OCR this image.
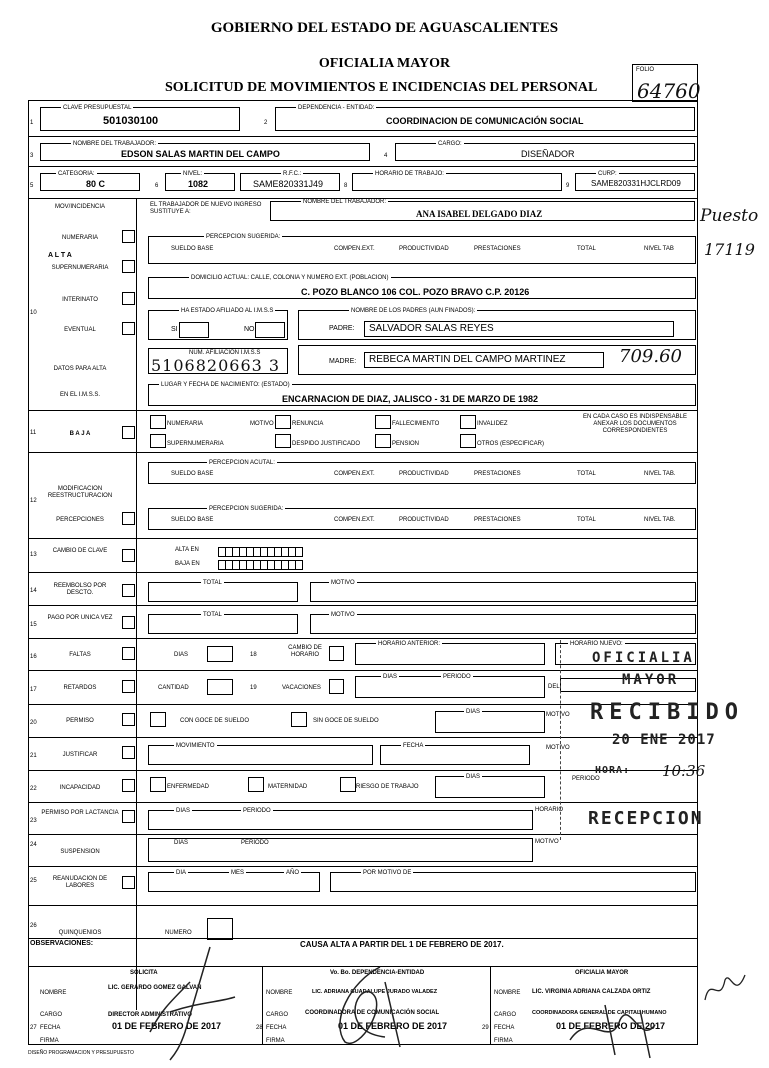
GOBIERNO DEL ESTADO DE AGUASCALIENTES
OFICIALIA MAYOR
SOLICITUD DE MOVIMIENTOS E INCIDENCIAS DEL PERSONAL
FOLIO
64760
1
CLAVE PRESUPUESTAL
501030100	2
DEPENDENCIA - ENTIDAD:
COORDINACION DE COMUNICACIÓN SOCIAL
3
NOMBRE DEL TRABAJADOR:
EDSON SALAS MARTIN DEL CAMPO	4
CARGO:
DISEÑADOR
5
CATEGORIA:
80 C	6
NIVEL:
1082
R.F.C.:
SAME820331J49	8
HORARIO DE TRABAJO:
9
CURP:
SAME820331HJCLRD09
MOV/INCIDENCIA	EL TRABAJADOR DE NUEVO INGRESO SUSTITUYE A:
NOMBRE DEL TRABAJADOR:
ANA ISABEL DELGADO DIAZ	Puesto
17119
NUMERARIA
A L T A
SUPERNUMERARIA
INTERINATO
10
EVENTUAL
DATOS PARA ALTA
EN EL I.M.S.S.
PERCEPCION SUGERIDA:
SUELDO BASE	COMPEN.EXT.	PRODUCTIVIDAD	PRESTACIONES	TOTAL	NIVEL TAB
DOMICILIO ACTUAL: CALLE, COLONIA Y NUMERO EXT. (POBLACION)
C. POZO BLANCO 106 COL. POZO BRAVO C.P. 20126
HA ESTADO AFILIADO AL I.M.S.S
SI	NO
NOMBRE DE LOS PADRES (AUN FINADOS):
PADRE:	SALVADOR SALAS REYES
NUM. AFILIACION I.M.S.S
5106820663 3	MADRE:	REBECA MARTIN DEL CAMPO MARTINEZ	709.60
LUGAR Y FECHA DE NACIMIENTO: (ESTADO)
ENCARNACION DE DIAZ, JALISCO - 31 DE MARZO DE 1982
11	B A J A
NUMERARIA	MOTIVO	RENUNCIA	FALLECIMIENTO	INVALIDEZ
EN CADA CASO ES INDISPENSABLE ANEXAR LOS DOCUMENTOS CORRESPONDIENTES
SUPERNUMERARIA	DESPIDO JUSTIFICADO	PENSION	OTROS (ESPECIFICAR)
PERCEPCION ACUTAL:
SUELDO BASE	COMPEN.EXT.	PRODUCTIVIDAD	PRESTACIONES	TOTAL	NIVEL TAB.
MODIFICACION REESTRUCTURACION
12
PERCEPCIONES
PERCEPCION SUGERIDA:
SUELDO BASE	COMPEN.EXT.	PRODUCTIVIDAD	PRESTACIONES	TOTAL	NIVEL TAB.
13
CAMBIO DE CLAVE	ALTA EN
BAJA EN
14
REEMBOLSO POR DESCTO.
TOTAL	MOTIVO
15
PAGO POR UNICA VEZ	TOTAL	MOTIVO
16	FALTAS	DIAS	18
CAMBIO DE HORARIO
HORARIO ANTERIOR:	HORARIO NUEVO:
17	RETARDOS	CANTIDAD	19	VACACIONES
DIAS	PERIODO
DEL
20	PERMISO	CON GOCE DE SUELDO	SIN GOCE DE SUELDO
DIAS	MOTIVO
21	JUSTIFICAR
MOVIMIENTO	FECHA	MOTIVO
22	INCAPACIDAD	ENFERMEDAD	MATERNIDAD	RIESGO DE TRABAJO
DIAS	PERIODO
23
PERMISO POR LACTANCIA	DIAS	PERIODO	HORARIO
24
SUSPENSION
DIAS	PERIODO	MOTIVO
25	REANUDACION DE LABORES
DIA	MES	AÑO	POR MOTIVO DE
26
QUINQUENIOS	NUMERO
OBSERVACIONES:	CAUSA ALTA A PARTIR DEL 1 DE FEBRERO DE 2017.
SOLICITA	Vo. Bo. DEPENDENCIA-ENTIDAD	OFICIALIA MAYOR
NOMBRE
LIC. GERARDO GOMEZ GALVAN
CARGO	DIRECTOR ADMINISTRATIVO
27 FECHA	01 DE FEBRERO DE 2017
FIRMA
NOMBRE	LIC. ADRIANA GUADALUPE JURADO VALADEZ
CARGO	COORDINADORA DE COMUNICACIÓN SOCIAL
28 FECHA	01 DE FEBRERO DE 2017
FIRMA
NOMBRE LIC. VIRGINIA ADRIANA CALZADA ORTIZ
CARGO	COORDINADORA GENERAL DE CAPITAL HUMANO
29 FECHA	01 DE FEBRERO DE 2017
FIRMA
DISEÑO PROGRAMACION Y PRESUPUESTO
OFICIALIA
MAYOR
RECIBIDO
20 ENE 2017
HORA: 10:36
RECEPCION
